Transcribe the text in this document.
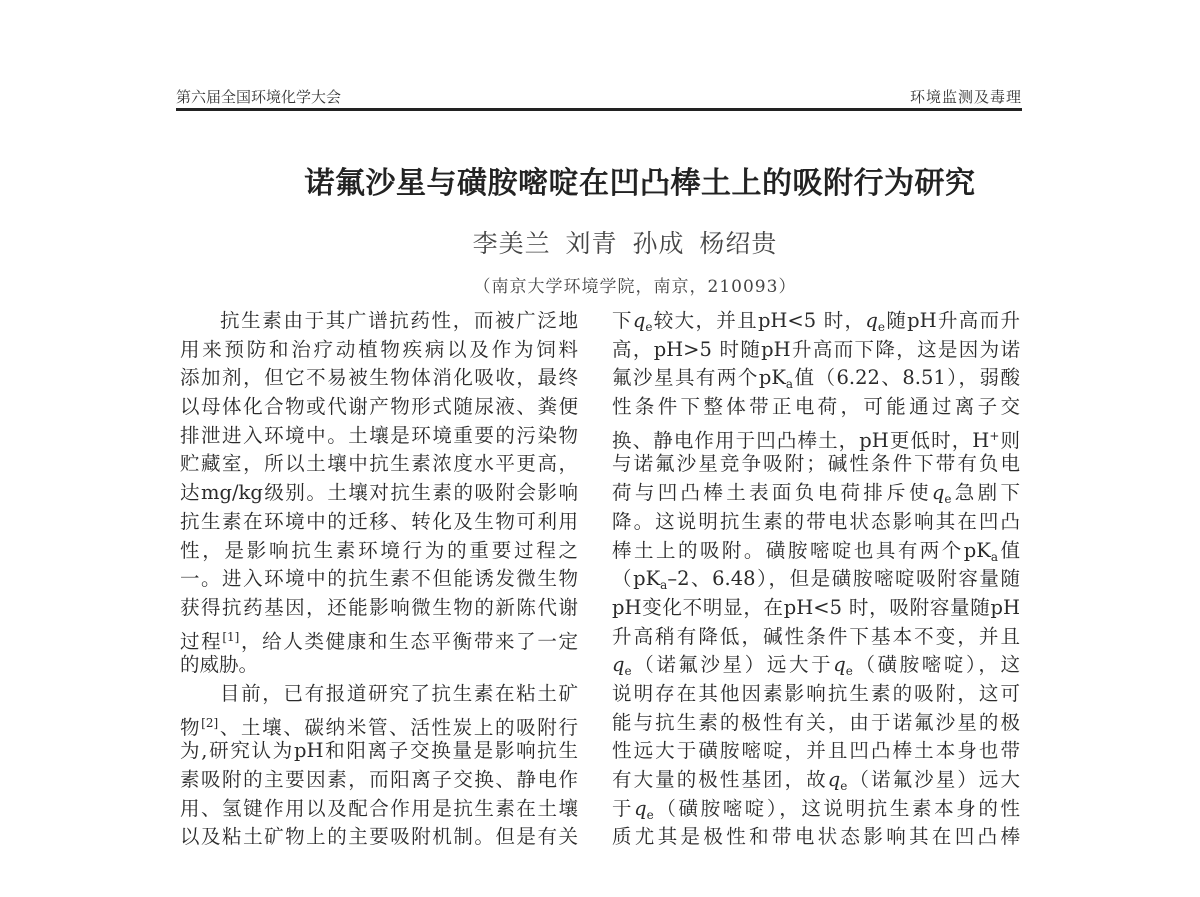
第六届全国环境化学大会	环境监测及毒理
诺氟沙星与磺胺嘧啶在凹凸棒土上的吸附行为研究
李美兰 刘青 孙成 杨绍贵
（南京大学环境学院，南京，210093）
抗生素由于其广谱抗药性，而被广泛地
用来预防和治疗动植物疾病以及作为饲料
添加剂，但它不易被生物体消化吸收，最终
以母体化合物或代谢产物形式随尿液、粪便
排泄进入环境中。土壤是环境重要的污染物
贮藏室，所以土壤中抗生素浓度水平更高，
达mg/kg级别。土壤对抗生素的吸附会影响
抗生素在环境中的迁移、转化及生物可利用
性，是影响抗生素环境行为的重要过程之
一。进入环境中的抗生素不但能诱发微生物
获得抗药基因，还能影响微生物的新陈代谢
过程[1]，给人类健康和生态平衡带来了一定
的威胁。
目前，已有报道研究了抗生素在粘土矿
物[2]、土壤、碳纳米管、活性炭上的吸附行
为,研究认为pH和阳离子交换量是影响抗生
素吸附的主要因素，而阳离子交换、静电作
用、氢键作用以及配合作用是抗生素在土壤
以及粘土矿物上的主要吸附机制。但是有关
下$q_e$较大，并且pH<5 时，$q_e$随pH升高而升
高，pH>5 时随pH升高而下降，这是因为诺
氟沙星具有两个$pK_a$值（6.22、8.51），弱酸
性条件下整体带正电荷，可能通过离子交
换、静电作用于凹凸棒土，pH更低时，H+则
与诺氟沙星竞争吸附；碱性条件下带有负电
荷与凹凸棒土表面负电荷排斥使$q_e$急剧下
降。这说明抗生素的带电状态影响其在凹凸
棒土上的吸附。磺胺嘧啶也具有两个$pK_a$值
（$pK_a-2$、6.48），但是磺胺嘧啶吸附容量随
pH变化不明显，在pH<5 时，吸附容量随pH
升高稍有降低，碱性条件下基本不变，并且
$q_e$（诺氟沙星）远大于$q_e$（磺胺嘧啶），这
说明存在其他因素影响抗生素的吸附，这可
能与抗生素的极性有关，由于诺氟沙星的极
性远大于磺胺嘧啶，并且凹凸棒土本身也带
有大量的极性基团，故$q_e$（诺氟沙星）远大
于$q_e$（磺胺嘧啶），这说明抗生素本身的性
质尤其是极性和带电状态影响其在凹凸棒
